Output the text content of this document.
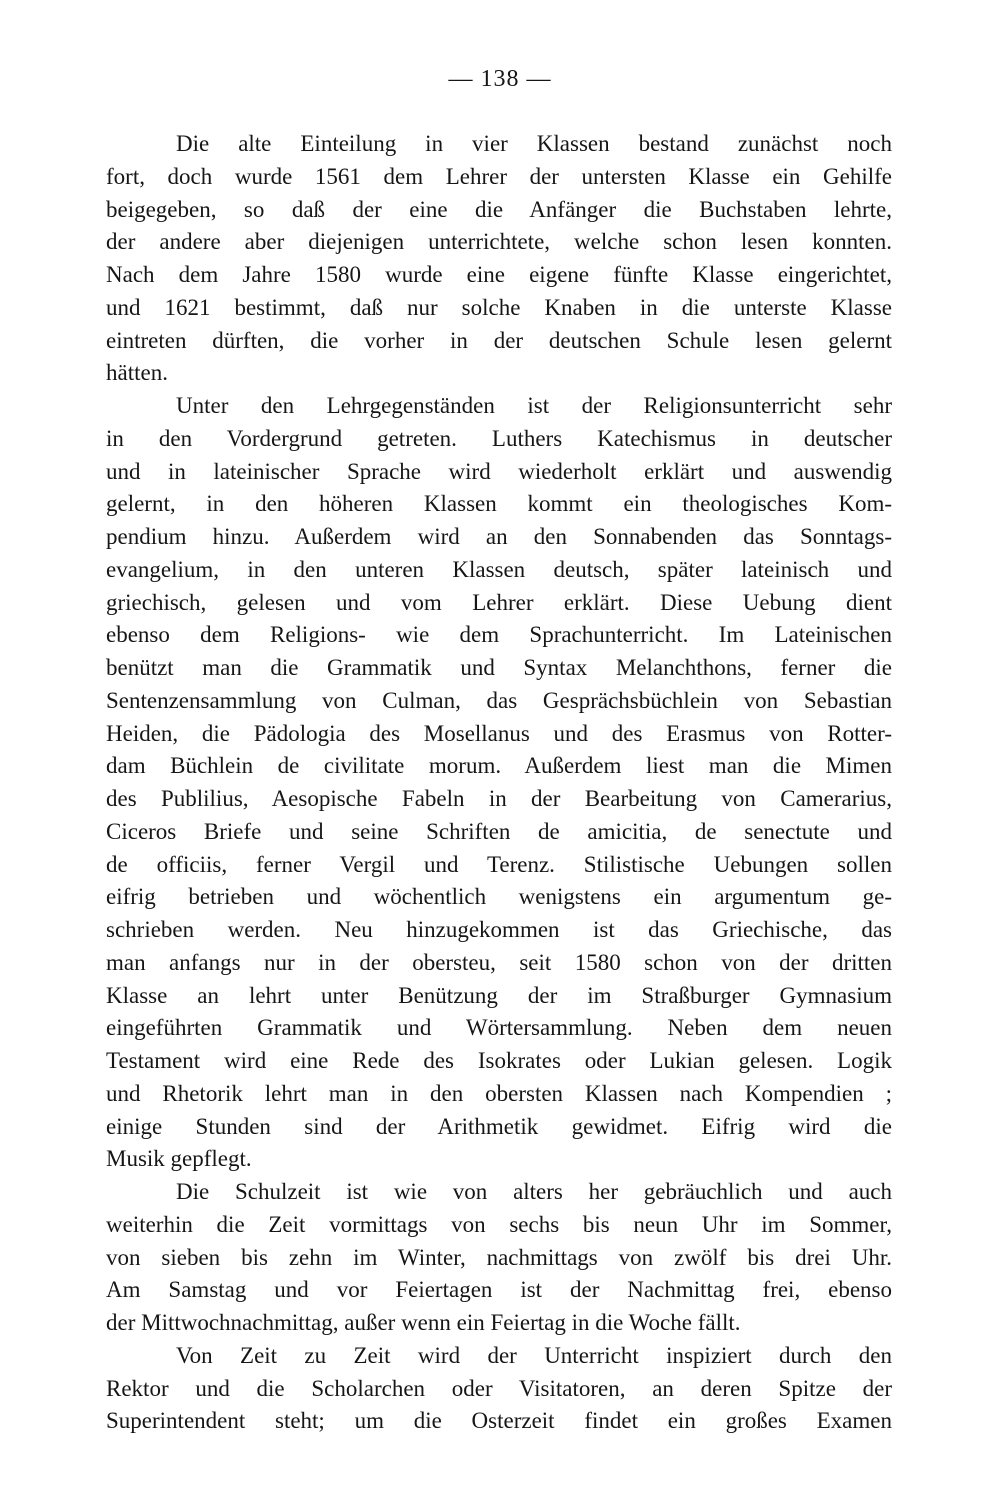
— 138 —
Die alte Einteilung in vier Klassen bestand zunächst noch
fort, doch wurde 1561 dem Lehrer der untersten Klasse ein Gehilfe
beigegeben, so daß der eine die Anfänger die Buchstaben lehrte,
der andere aber diejenigen unterrichtete, welche schon lesen konnten.
Nach dem Jahre 1580 wurde eine eigene fünfte Klasse eingerichtet,
und 1621 bestimmt, daß nur solche Knaben in die unterste Klasse
eintreten dürften, die vorher in der deutschen Schule lesen gelernt
hätten.
Unter den Lehrgegenständen ist der Religionsunterricht sehr
in den Vordergrund getreten. Luthers Katechismus in deutscher
und in lateinischer Sprache wird wiederholt erklärt und auswendig
gelernt, in den höheren Klassen kommt ein theologisches Kom-
pendium hinzu. Außerdem wird an den Sonnabenden das Sonntags-
evangelium, in den unteren Klassen deutsch, später lateinisch und
griechisch, gelesen und vom Lehrer erklärt. Diese Uebung dient
ebenso dem Religions- wie dem Sprachunterricht. Im Lateinischen
benützt man die Grammatik und Syntax Melanchthons, ferner die
Sentenzensammlung von Culman, das Gesprächsbüchlein von Sebastian
Heiden, die Pädologia des Mosellanus und des Erasmus von Rotter-
dam Büchlein de civilitate morum. Außerdem liest man die Mimen
des Publilius, Aesopische Fabeln in der Bearbeitung von Camerarius,
Ciceros Briefe und seine Schriften de amicitia, de senectute und
de officiis, ferner Vergil und Terenz. Stilistische Uebungen sollen
eifrig betrieben und wöchentlich wenigstens ein argumentum ge-
schrieben werden. Neu hinzugekommen ist das Griechische, das
man anfangs nur in der obersteu, seit 1580 schon von der dritten
Klasse an lehrt unter Benützung der im Straßburger Gymnasium
eingeführten Grammatik und Wörtersammlung. Neben dem neuen
Testament wird eine Rede des Isokrates oder Lukian gelesen. Logik
und Rhetorik lehrt man in den obersten Klassen nach Kompendien ;
einige Stunden sind der Arithmetik gewidmet. Eifrig wird die
Musik gepflegt.
Die Schulzeit ist wie von alters her gebräuchlich und auch
weiterhin die Zeit vormittags von sechs bis neun Uhr im Sommer,
von sieben bis zehn im Winter, nachmittags von zwölf bis drei Uhr.
Am Samstag und vor Feiertagen ist der Nachmittag frei, ebenso
der Mittwochnachmittag, außer wenn ein Feiertag in die Woche fällt.
Von Zeit zu Zeit wird der Unterricht inspiziert durch den
Rektor und die Scholarchen oder Visitatoren, an deren Spitze der
Superintendent steht; um die Osterzeit findet ein großes Examen
